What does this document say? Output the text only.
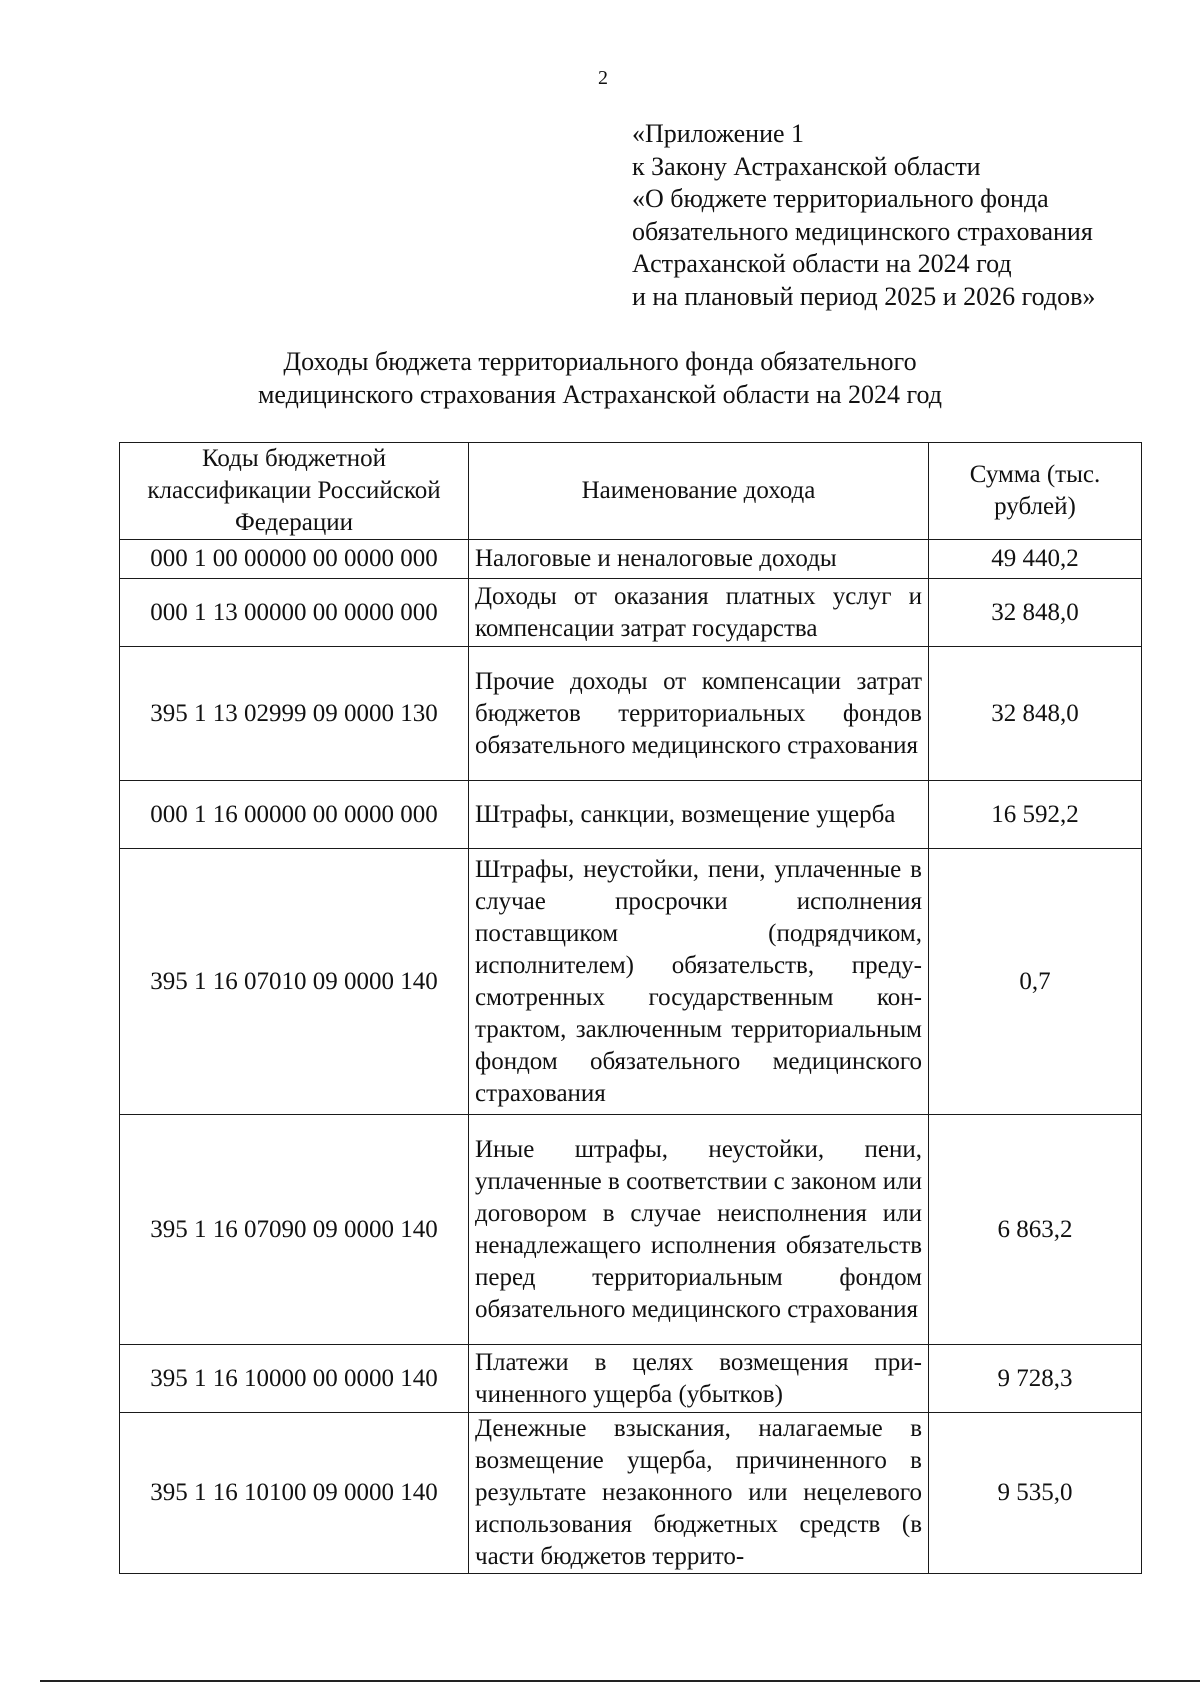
2
«Приложение 1
к Закону Астраханской области
«О бюджете территориального фонда
обязательного медицинского страхования
Астраханской области на 2024 год
и на плановый период 2025 и 2026 годов»
Доходы бюджета территориального фонда обязательного
медицинского страхования Астраханской области на 2024 год
Коды бюджетной классификации Российской Федерации	Наименование дохода	Сумма (тыс. рублей)
000 1 00 00000 00 0000 000	Налоговые и неналоговые доходы	49 440,2
000 1 13 00000 00 0000 000	Доходы от оказания платных услуг и компенсации затрат государства	32 848,0
395 1 13 02999 09 0000 130	Прочие доходы от компенсации затрат бюджетов территориальных фондов обязательного медицинского страхования	32 848,0
000 1 16 00000 00 0000 000	Штрафы, санкции, возмещение ущерба	16 592,2
395 1 16 07010 09 0000 140	Штрафы, неустойки, пени, уплаченные в случае просрочки исполнения поставщиком (подрядчиком, исполнителем) обязательств, предусмотренных государственным контрактом, заключенным территориальным фондом обязательного медицинского страхования	0,7
395 1 16 07090 09 0000 140	Иные штрафы, неустойки, пени, уплаченные в соответствии с законом или договором в случае неисполнения или ненадлежащего исполнения обязательств перед территориальным фондом обязательного медицинского страхования	6 863,2
395 1 16 10000 00 0000 140	Платежи в целях возмещения причиненного ущерба (убытков)	9 728,3
395 1 16 10100 09 0000 140	Денежные взыскания, налагаемые в возмещение ущерба, причиненного в результате незаконного или нецелевого использования бюджетных средств (в части бюджетов террито-	9 535,0
